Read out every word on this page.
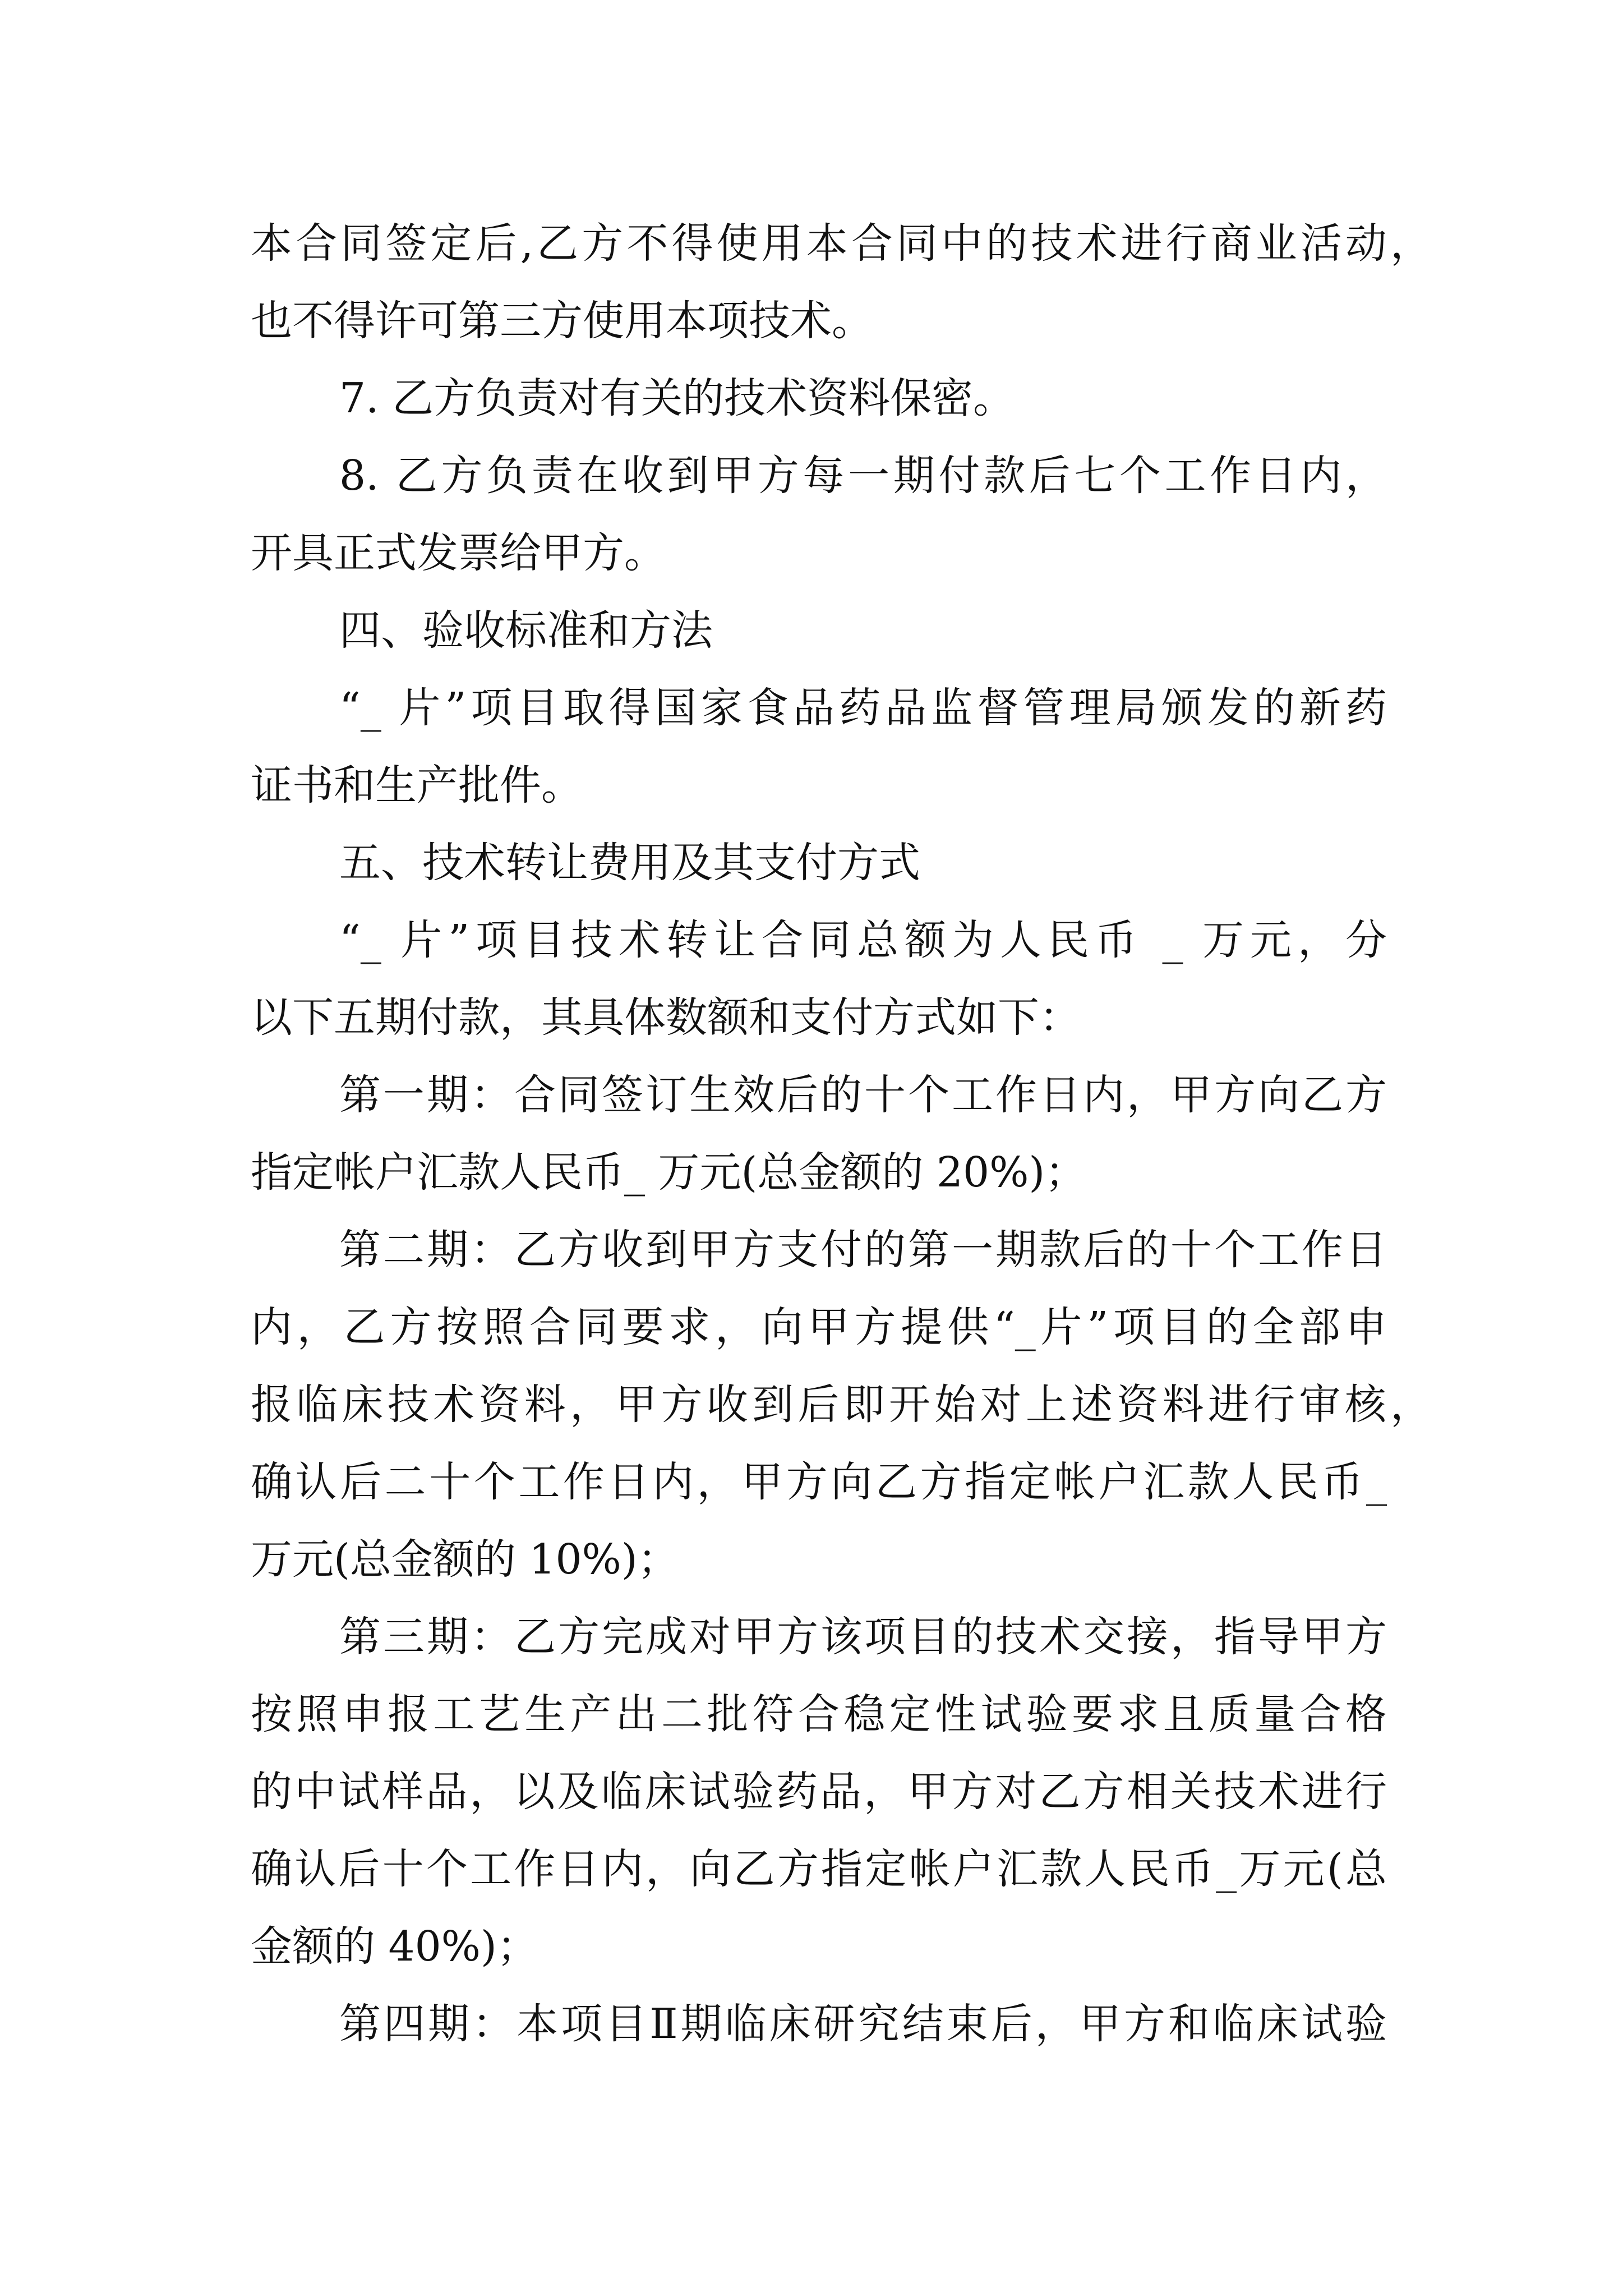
本合同签定后,乙方不得使用本合同中的技术进行商业活动，
也不得许可第三方使用本项技术。
7. 乙方负责对有关的技术资料保密。
8. 乙方负责在收到甲方每一期付款后七个工作日内，
开具正式发票给甲方。
四、验收标准和方法
“_ 片”项目取得国家食品药品监督管理局颁发的新药
证书和生产批件。
五、技术转让费用及其支付方式
“_ 片”项目技术转让合同总额为人民币 _ 万元，分
以下五期付款，其具体数额和支付方式如下：
第一期：合同签订生效后的十个工作日内，甲方向乙方
指定帐户汇款人民币_ 万元(总金额的 20%)；
第二期：乙方收到甲方支付的第一期款后的十个工作日
内，乙方按照合同要求，向甲方提供“_片”项目的全部申
报临床技术资料，甲方收到后即开始对上述资料进行审核，
确认后二十个工作日内，甲方向乙方指定帐户汇款人民币_
万元(总金额的 10%)；
第三期：乙方完成对甲方该项目的技术交接，指导甲方
按照申报工艺生产出二批符合稳定性试验要求且质量合格
的中试样品，以及临床试验药品，甲方对乙方相关技术进行
确认后十个工作日内，向乙方指定帐户汇款人民币_万元(总
金额的 40%)；
第四期：本项目Ⅱ期临床研究结束后，甲方和临床试验
